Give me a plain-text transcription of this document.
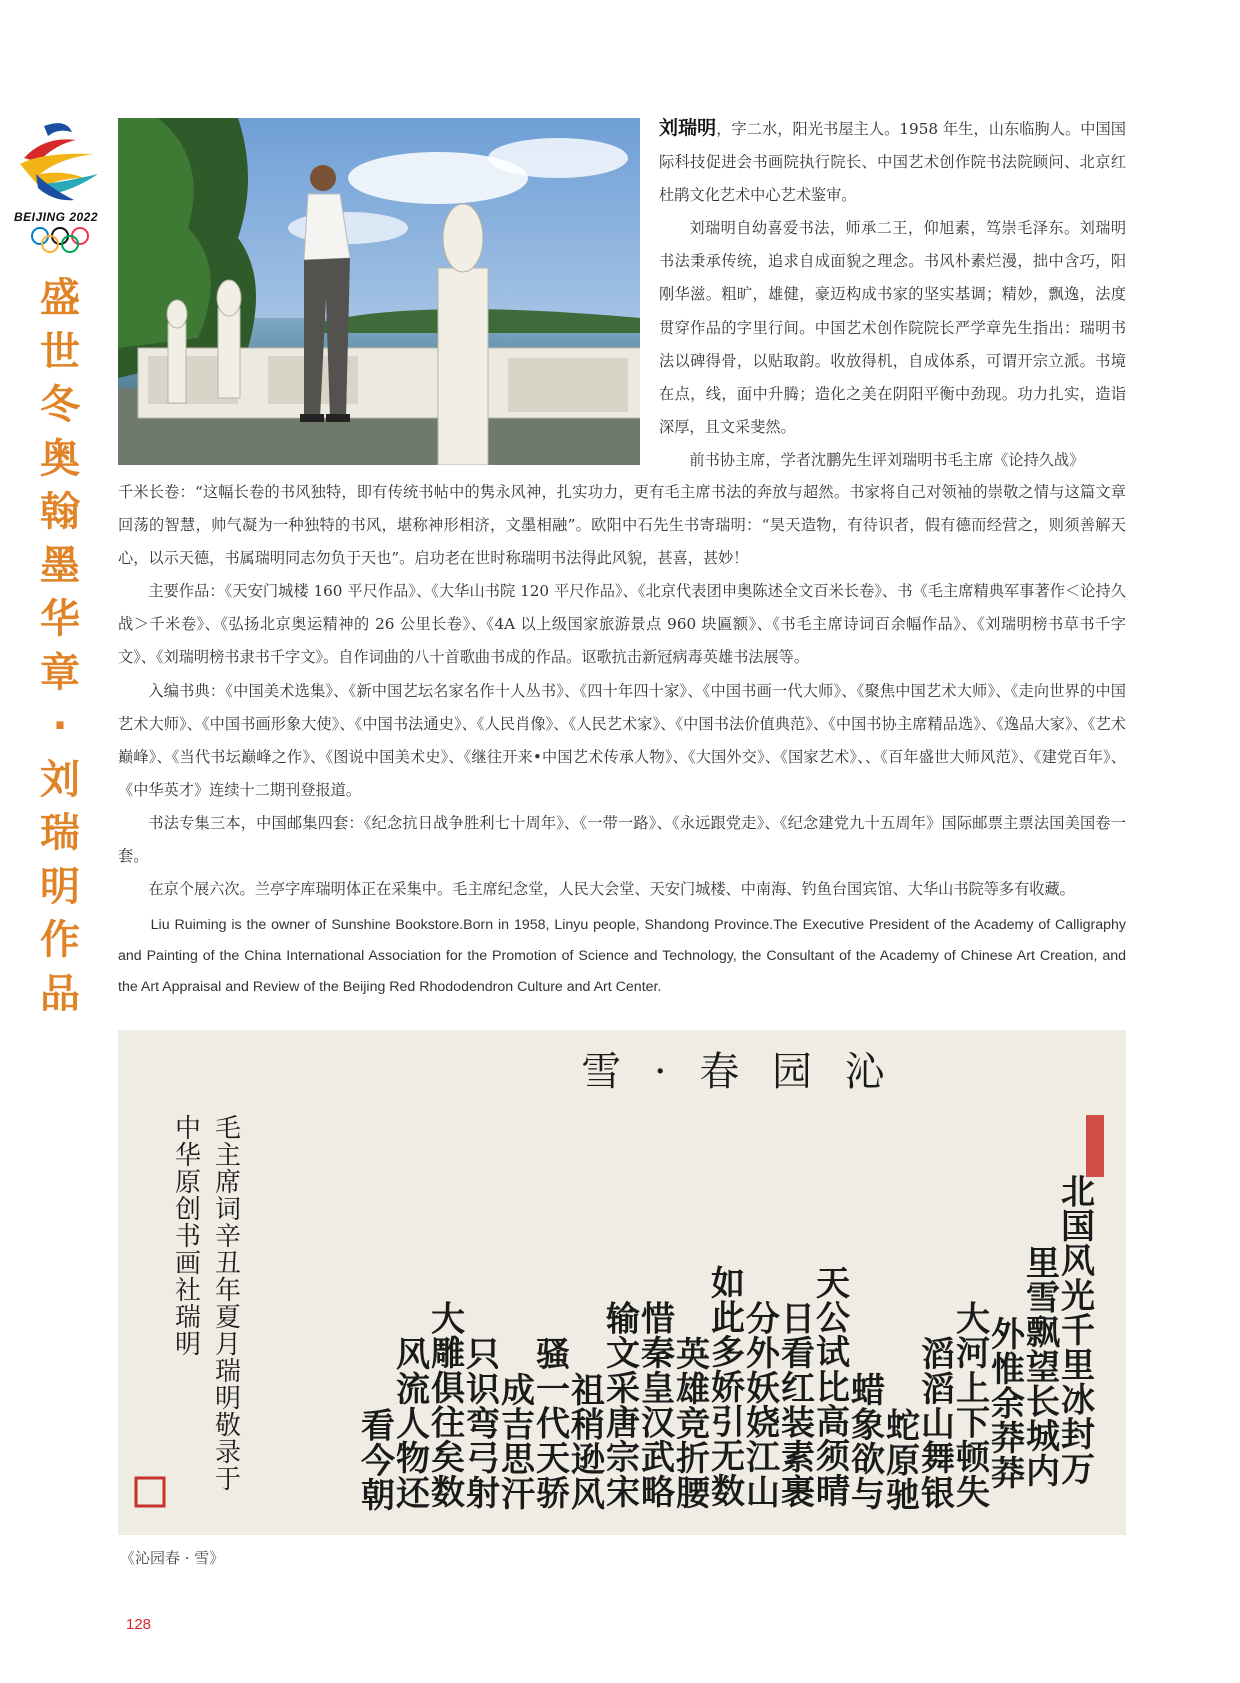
BEIJING 2022
盛世冬奥翰墨华章·刘瑞明作品

刘瑞明，字二水，阳光书屋主人。1958 年生，山东临朐人。中国国际科技促进会书画院执行院长、中国艺术创作院书法院顾问、北京红杜鹃文化艺术中心艺术鉴审。

刘瑞明自幼喜爱书法，师承二王，仰旭素，笃崇毛泽东。刘瑞明书法秉承传统，追求自成面貌之理念。书风朴素烂漫，拙中含巧，阳刚华滋。粗旷，雄健，豪迈构成书家的坚实基调；精妙，飘逸，法度贯穿作品的字里行间。中国艺术创作院院长严学章先生指出：瑞明书法以碑得骨，以贴取韵。收放得机，自成体系，可谓开宗立派。书境在点，线，面中升腾；造化之美在阴阳平衡中劲现。功力扎实，造诣深厚，且文采斐然。

前书协主席，学者沈鹏先生评刘瑞明书毛主席《论持久战》

千米长卷：“这幅长卷的书风独特，即有传统书帖中的隽永风神，扎实功力，更有毛主席书法的奔放与超然。书家将自己对领袖的崇敬之情与这篇文章回荡的智慧，帅气凝为一种独特的书风，堪称神形相济，文墨相融”。欧阳中石先生书寄瑞明：“昊天造物，有待识者，假有德而经营之，则须善解天心，以示天德，书属瑞明同志勿负于天也”。启功老在世时称瑞明书法得此风貌，甚喜，甚妙！

主要作品：《天安门城楼 160 平尺作品》、《大华山书院 120 平尺作品》、《北京代表团申奥陈述全文百米长卷》、书《毛主席精典军事著作＜论持久战＞千米卷》、《弘扬北京奥运精神的 26 公里长卷》、《4A 以上级国家旅游景点 960 块匾额》、《书毛主席诗词百余幅作品》、《刘瑞明榜书草书千字文》、《刘瑞明榜书隶书千字文》。自作词曲的八十首歌曲书成的作品。讴歌抗击新冠病毒英雄书法展等。

入编书典：《中国美术选集》、《新中国艺坛名家名作十人丛书》、《四十年四十家》、《中国书画一代大师》、《聚焦中国艺术大师》、《走向世界的中国艺术大师》、《中国书画形象大使》、《中国书法通史》、《人民肖像》、《人民艺术家》、《中国书法价值典范》、《中国书协主席精品选》、《逸品大家》、《艺术巅峰》、《当代书坛巅峰之作》、《图说中国美术史》、《继往开来•中国艺术传承人物》、《大国外交》、《国家艺术》、、《百年盛世大师风范》、《建党百年》、《中华英才》连续十二期刊登报道。

书法专集三本，中国邮集四套：《纪念抗日战争胜利七十周年》、《一带一路》、《永远跟党走》、《纪念建党九十五周年》国际邮票主票法国美国卷一套。

在京个展六次。兰亭字库瑞明体正在采集中。毛主席纪念堂，人民大会堂、天安门城楼、中南海、钓鱼台国宾馆、大华山书院等多有收藏。

Liu Ruiming is the owner of Sunshine Bookstore.Born in 1958, Linyu people, Shandong Province.The Executive President of the Academy of Calligraphy and Painting of the China International Association for the Promotion of Science and Technology, the Consultant of the Academy of Chinese Art Creation, and the Art Appraisal and Review of the Beijing Red Rhododendron Culture and Art Center.

雪 · 春 园 沁
北国风光千里冰封万
里雪飘望长城内
外惟余莽莽
大河上下顿失
滔滔山舞银
蛇原驰
蜡象欲与
天公试比高须晴
日看红装素裹
分外妖娆江山
如此多娇引无数
英雄竞折腰
惜秦皇汉武略
输文采唐宗宋
祖稍逊风
骚一代天骄
成吉思汗
只识弯弓射
大雕俱往矣数
风流人物还
看今朝
毛主席词辛丑年夏月瑞明敬录于
中华原创书画社瑞明
《沁园春 · 雪》
128
